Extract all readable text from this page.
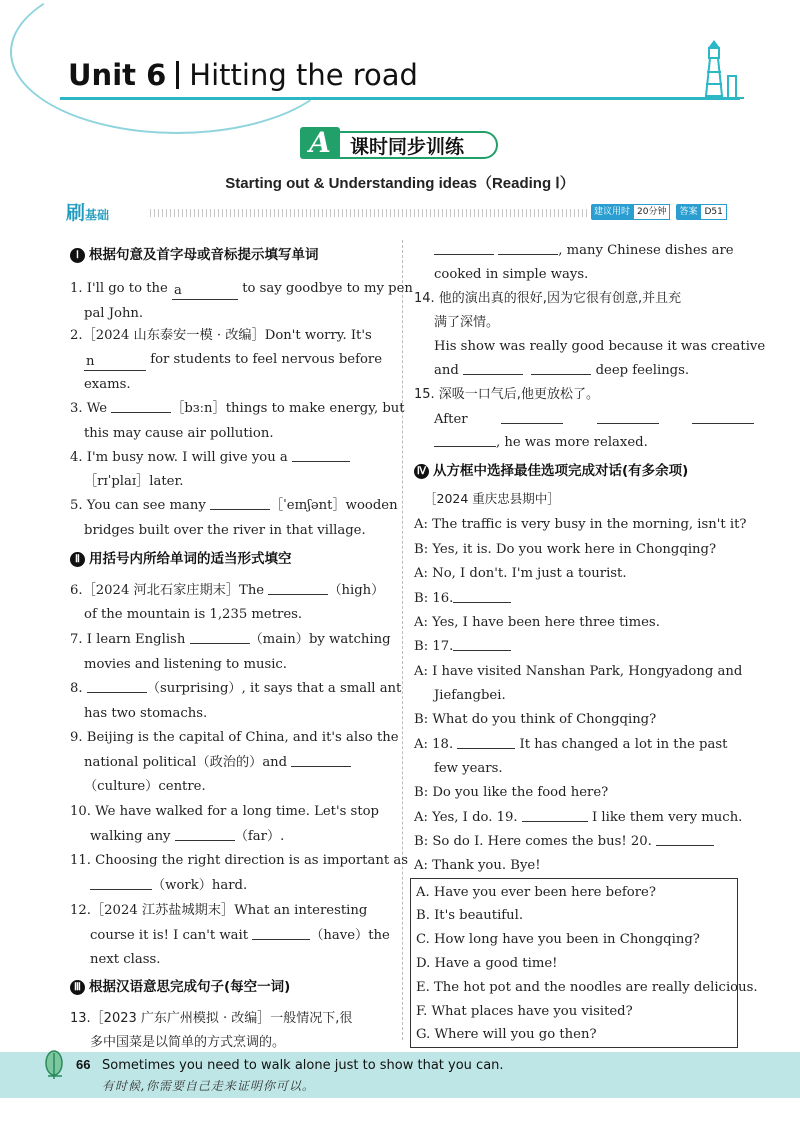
Unit 6 Hitting the road
课时同步训练
A
Starting out & Understanding ideas（Reading Ⅰ）
刷基础	建议用时 20分钟 答案 D51
Ⅰ 根据句意及首字母或音标提示填写单词
1. I'll go to the a	to say goodbye to my pen
pal John.
2.［2024 山东泰安一模 · 改编］Don't worry. It's
n	for students to feel nervous before
exams.
3. We	［bɜːn］things to make energy, but
this may cause air pollution.
4. I'm busy now. I will give you a
［rɪˈplaɪ］later.
5. You can see many	［ˈeɪnʃənt］wooden
bridges built over the river in that village.
Ⅱ 用括号内所给单词的适当形式填空
6.［2024 河北石家庄期末］The	（high）
of the mountain is 1,235 metres.
7. I learn English	（main）by watching
movies and listening to music.
8.	（surprising）, it says that a small ant
has two stomachs.
9. Beijing is the capital of China, and it's also the
national political（政治的）and
（culture）centre.
10. We have walked for a long time. Let's stop
walking any	（far）.
11. Choosing the right direction is as important as
（work）hard.
12.［2024 江苏盐城期末］What an interesting
course it is! I can't wait	（have）the
next class.
Ⅲ 根据汉语意思完成句子(每空一词)
13.［2023 广东广州模拟 · 改编］一般情况下,很
多中国菜是以简单的方式烹调的。
, many Chinese dishes are
cooked in simple ways.
14. 他的演出真的很好,因为它很有创意,并且充
满了深情。
His show was really good because it was creative
and	deep feelings.
15. 深吸一口气后,他更放松了。
After
, he was more relaxed.
Ⅳ 从方框中选择最佳选项完成对话(有多余项)
［2024 重庆忠县期中］
A: The traffic is very busy in the morning, isn't it?
B: Yes, it is. Do you work here in Chongqing?
A: No, I don't. I'm just a tourist.
B: 16.
A: Yes, I have been here three times.
B: 17.
A: I have visited Nanshan Park, Hongyadong and
Jiefangbei.
B: What do you think of Chongqing?
A: 18.	It has changed a lot in the past
few years.
B: Do you like the food here?
A: Yes, I do. 19.	I like them very much.
B: So do I. Here comes the bus! 20.
A: Thank you. Bye!
A. Have you ever been here before?
B. It's beautiful.
C. How long have you been in Chongqing?
D. Have a good time!
E. The hot pot and the noodles are really delicious.
F. What places have you visited?
G. Where will you go then?
66 Sometimes you need to walk alone just to show that you can.
有时候,你需要自己走来证明你可以。
